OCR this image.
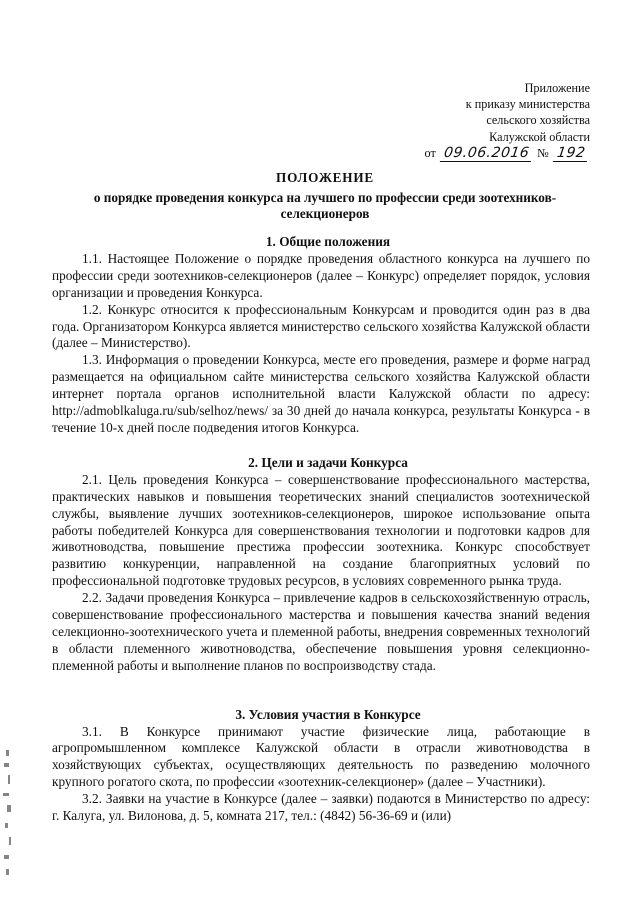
Приложение
к приказу министерства
сельского хозяйства
Калужской области
от 09.06.2016 № 192
ПОЛОЖЕНИЕ
о порядке проведения конкурса на лучшего по профессии среди зоотехников-селекционеров
1. Общие положения

1.1. Настоящее Положение о порядке проведения областного конкурса на лучшего по профессии среди зоотехников-селекционеров (далее – Конкурс) определяет порядок, условия организации и проведения Конкурса.

1.2. Конкурс относится к профессиональным Конкурсам и проводится один раз в два года. Организатором Конкурса является министерство сельского хозяйства Калужской области (далее – Министерство).

1.3. Информация о проведении Конкурса, месте его проведения, размере и форме наград размещается на официальном сайте министерства сельского хозяйства Калужской области интернет портала органов исполнительной власти Калужской области по адресу: http://admoblkaluga.ru/sub/selhoz/news/ за 30 дней до начала конкурса, результаты Конкурса - в течение 10-х дней после подведения итогов Конкурса.

2. Цели и задачи Конкурса

2.1. Цель проведения Конкурса – совершенствование профессионального мастерства, практических навыков и повышения теоретических знаний специалистов зоотехнической службы, выявление лучших зоотехников-селекционеров, широкое использование опыта работы победителей Конкурса для совершенствования технологии и подготовки кадров для животноводства, повышение престижа профессии зоотехника. Конкурс способствует развитию конкуренции, направленной на создание благоприятных условий по профессиональной подготовке трудовых ресурсов, в условиях современного рынка труда.

2.2. Задачи проведения Конкурса – привлечение кадров в сельскохозяйственную отрасль, совершенствование профессионального мастерства и повышения качества знаний ведения селекционно-зоотехнического учета и племенной работы, внедрения современных технологий в области племенного животноводства, обеспечение повышения уровня селекционно-племенной работы и выполнение планов по воспроизводству стада.

3. Условия участия в Конкурсе

3.1. В Конкурсе принимают участие физические лица, работающие в агропромышленном комплексе Калужской области в отрасли животноводства в хозяйствующих субъектах, осуществляющих деятельность по разведению молочного крупного рогатого скота, по профессии «зоотехник-селекционер» (далее – Участники).

3.2. Заявки на участие в Конкурсе (далее – заявки) подаются в Министерство по адресу: г. Калуга, ул. Вилонова, д. 5, комната 217, тел.: (4842) 56-36-69 и (или)
